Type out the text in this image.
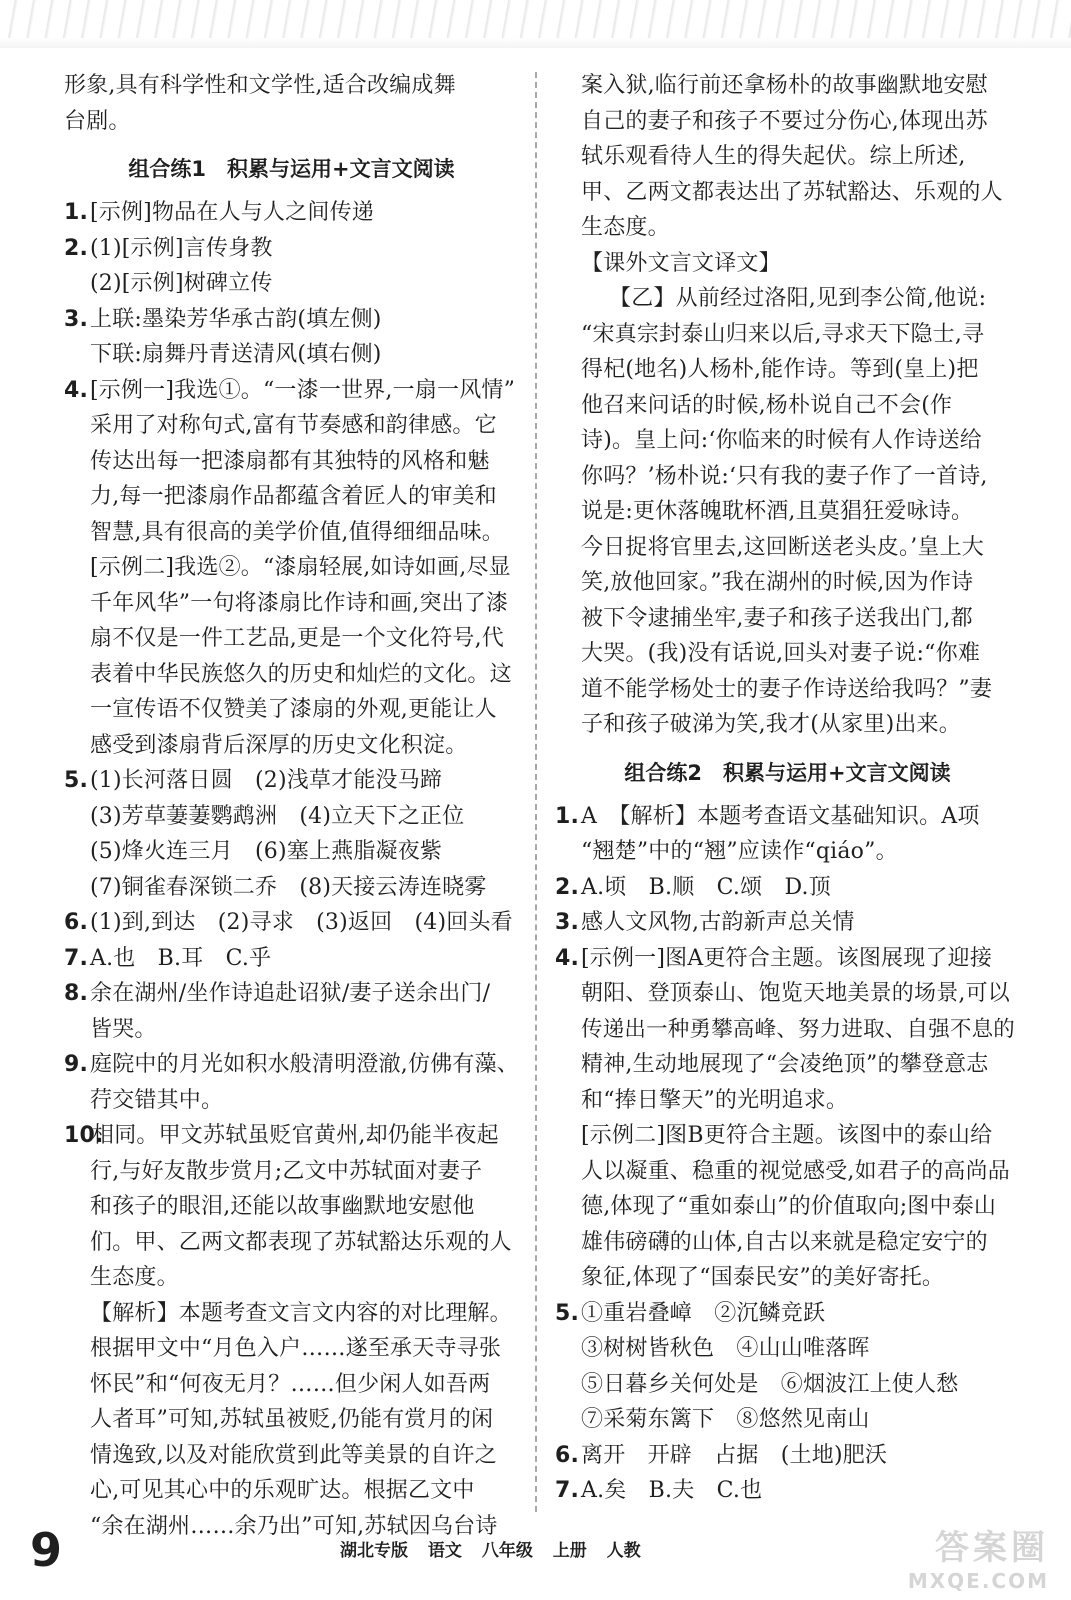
形象,具有科学性和文学性,适合改编成舞
台剧。
组合练1　积累与运用+文言文阅读
1.[示例]物品在人与人之间传递
2.(1)[示例]言传身教
(2)[示例]树碑立传
3.上联:墨染芳华承古韵(填左侧)
下联:扇舞丹青送清风(填右侧)
4.[示例一]我选①。“一漆一世界,一扇一风情”
采用了对称句式,富有节奏感和韵律感。它
传达出每一把漆扇都有其独特的风格和魅
力,每一把漆扇作品都蕴含着匠人的审美和
智慧,具有很高的美学价值,值得细细品味。
[示例二]我选②。“漆扇轻展,如诗如画,尽显
千年风华”一句将漆扇比作诗和画,突出了漆
扇不仅是一件工艺品,更是一个文化符号,代
表着中华民族悠久的历史和灿烂的文化。这
一宣传语不仅赞美了漆扇的外观,更能让人
感受到漆扇背后深厚的历史文化积淀。
5.(1)长河落日圆　(2)浅草才能没马蹄
(3)芳草萋萋鹦鹉洲　(4)立天下之正位
(5)烽火连三月　(6)塞上燕脂凝夜紫
(7)铜雀春深锁二乔　(8)天接云涛连晓雾
6.(1)到,到达　(2)寻求　(3)返回　(4)回头看
7.A.也　B.耳　C.乎
8.余在湖州/坐作诗追赴诏狱/妻子送余出门/
皆哭。
9.庭院中的月光如积水般清明澄澈,仿佛有藻、
荇交错其中。
10.相同。甲文苏轼虽贬官黄州,却仍能半夜起
行,与好友散步赏月;乙文中苏轼面对妻子
和孩子的眼泪,还能以故事幽默地安慰他
们。甲、乙两文都表现了苏轼豁达乐观的人
生态度。
【解析】本题考查文言文内容的对比理解。
根据甲文中“月色入户……遂至承天寺寻张
怀民”和“何夜无月？……但少闲人如吾两
人者耳”可知,苏轼虽被贬,仍能有赏月的闲
情逸致,以及对能欣赏到此等美景的自许之
心,可见其心中的乐观旷达。根据乙文中
“余在湖州……余乃出”可知,苏轼因乌台诗
案入狱,临行前还拿杨朴的故事幽默地安慰
自己的妻子和孩子不要过分伤心,体现出苏
轼乐观看待人生的得失起伏。综上所述,
甲、乙两文都表达出了苏轼豁达、乐观的人
生态度。
【课外文言文译文】
【乙】从前经过洛阳,见到李公简,他说:
“宋真宗封泰山归来以后,寻求天下隐士,寻
得杞(地名)人杨朴,能作诗。等到(皇上)把
他召来问话的时候,杨朴说自己不会(作
诗)。皇上问:‘你临来的时候有人作诗送给
你吗？’杨朴说:‘只有我的妻子作了一首诗,
说是:更休落魄耽杯酒,且莫猖狂爱咏诗。
今日捉将官里去,这回断送老头皮。’皇上大
笑,放他回家。”我在湖州的时候,因为作诗
被下令逮捕坐牢,妻子和孩子送我出门,都
大哭。(我)没有话说,回头对妻子说:“你难
道不能学杨处士的妻子作诗送给我吗？”妻
子和孩子破涕为笑,我才(从家里)出来。
组合练2　积累与运用+文言文阅读
1.A　【解析】本题考查语文基础知识。A项
“翘楚”中的“翘”应读作“qiáo”。
2.A.顷　B.顺　C.颂　D.顶
3.感人文风物,古韵新声总关情
4.[示例一]图A更符合主题。该图展现了迎接
朝阳、登顶泰山、饱览天地美景的场景,可以
传递出一种勇攀高峰、努力进取、自强不息的
精神,生动地展现了“会凌绝顶”的攀登意志
和“捧日擎天”的光明追求。
[示例二]图B更符合主题。该图中的泰山给
人以凝重、稳重的视觉感受,如君子的高尚品
德,体现了“重如泰山”的价值取向;图中泰山
雄伟磅礴的山体,自古以来就是稳定安宁的
象征,体现了“国泰民安”的美好寄托。
5.①重岩叠嶂　②沉鳞竞跃
③树树皆秋色　④山山唯落晖
⑤日暮乡关何处是　⑥烟波江上使人愁
⑦采菊东篱下　⑧悠然见南山
6.离开　开辟　占据　(土地)肥沃
7.A.矣　B.夫　C.也
9	湖北专版 语文 八年级 上册 人教	答案圈
MXQE.COM
